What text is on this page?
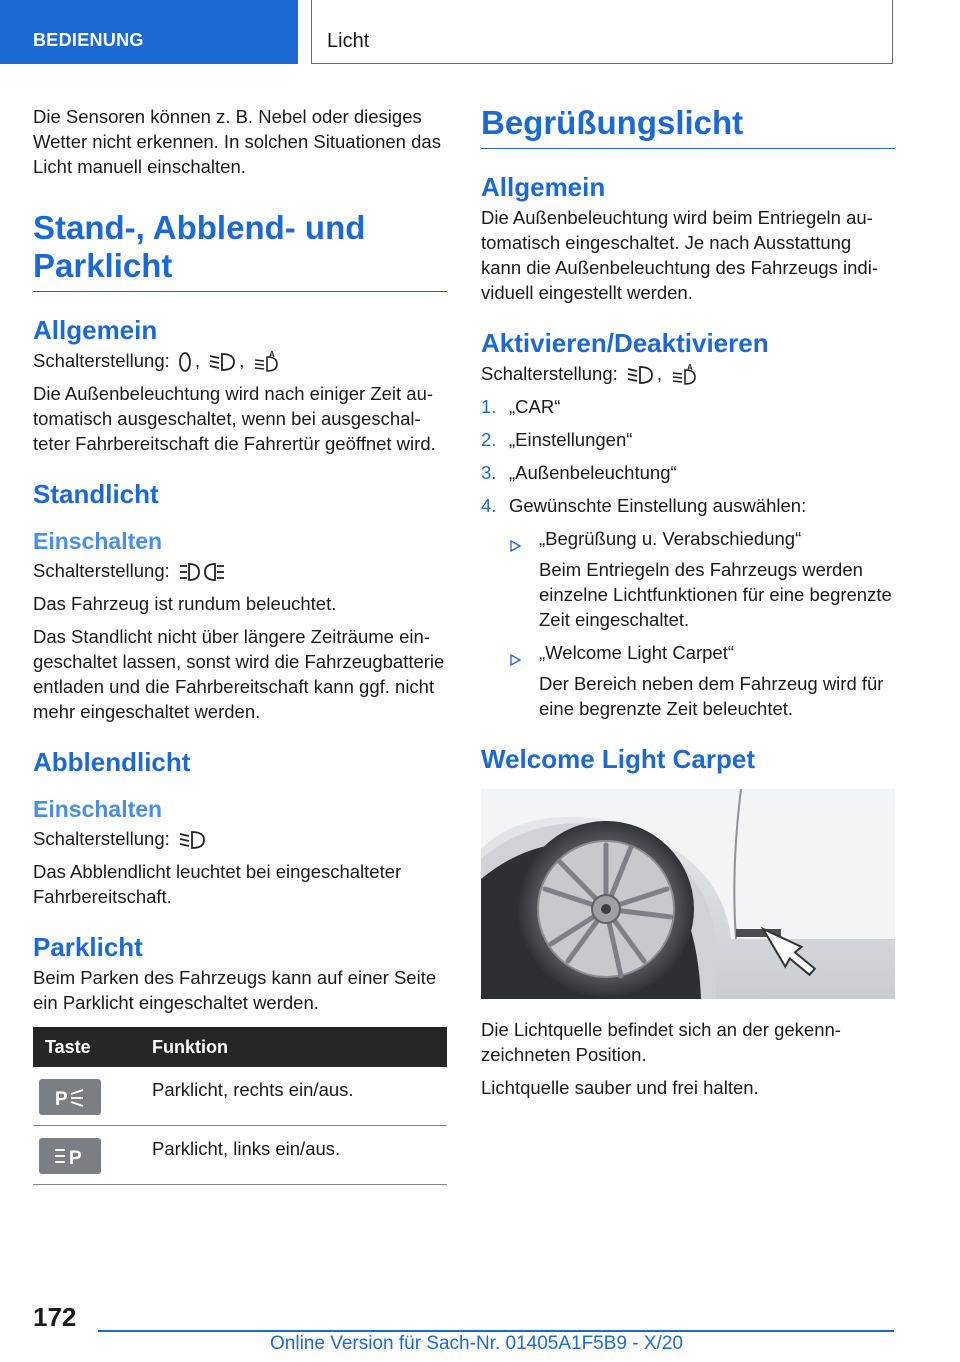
BEDIENUNG	Licht

Die Sensoren können z. B. Nebel oder diesiges Wetter nicht erkennen. In solchen Situationen das Licht manuell einschalten.

Stand-, Abblend- und Parklicht
Allgemein

Schalterstellung: ,
,	A

Die Außenbeleuchtung wird nach einiger Zeit automatisch ausgeschaltet, wenn bei ausgeschalteter Fahrbereitschaft die Fahrertür geöffnet wird.

Standlicht
Einschalten

Schalterstellung:

Das Fahrzeug ist rundum beleuchtet.

Das Standlicht nicht über längere Zeiträume eingeschaltet lassen, sonst wird die Fahrzeugbatterie entladen und die Fahrbereitschaft kann ggf. nicht mehr eingeschaltet werden.

Abblendlicht
Einschalten

Schalterstellung:

Das Abblendlicht leuchtet bei eingeschalteter Fahrbereitschaft.

Parklicht

Beim Parken des Fahrzeugs kann auf einer Seite ein Parklicht eingeschaltet werden.

Taste	Funktion

P	Parklicht, rechts ein/aus.

P	Parklicht, links ein/aus.
Begrüßungslicht
Allgemein

Die Außenbeleuchtung wird beim Entriegeln automatisch eingeschaltet. Je nach Ausstattung kann die Außenbeleuchtung des Fahrzeugs individuell eingestellt werden.

Aktivieren/Deaktivieren

Schalterstellung: ,	A

1. „CAR“
2. „Einstellungen“
3. „Außenbeleuchtung“
4. Gewünschte Einstellung auswählen:
„Begrüßung u. Verabschiedung“
Beim Entriegeln des Fahrzeugs werden einzelne Lichtfunktionen für eine begrenzte Zeit eingeschaltet.
„Welcome Light Carpet“
Der Bereich neben dem Fahrzeug wird für eine begrenzte Zeit beleuchtet.
Welcome Light Carpet

Die Lichtquelle befindet sich an der gekennzeichneten Position.

Lichtquelle sauber und frei halten.

172
Online Version für Sach-Nr. 01405A1F5B9 - X/20
